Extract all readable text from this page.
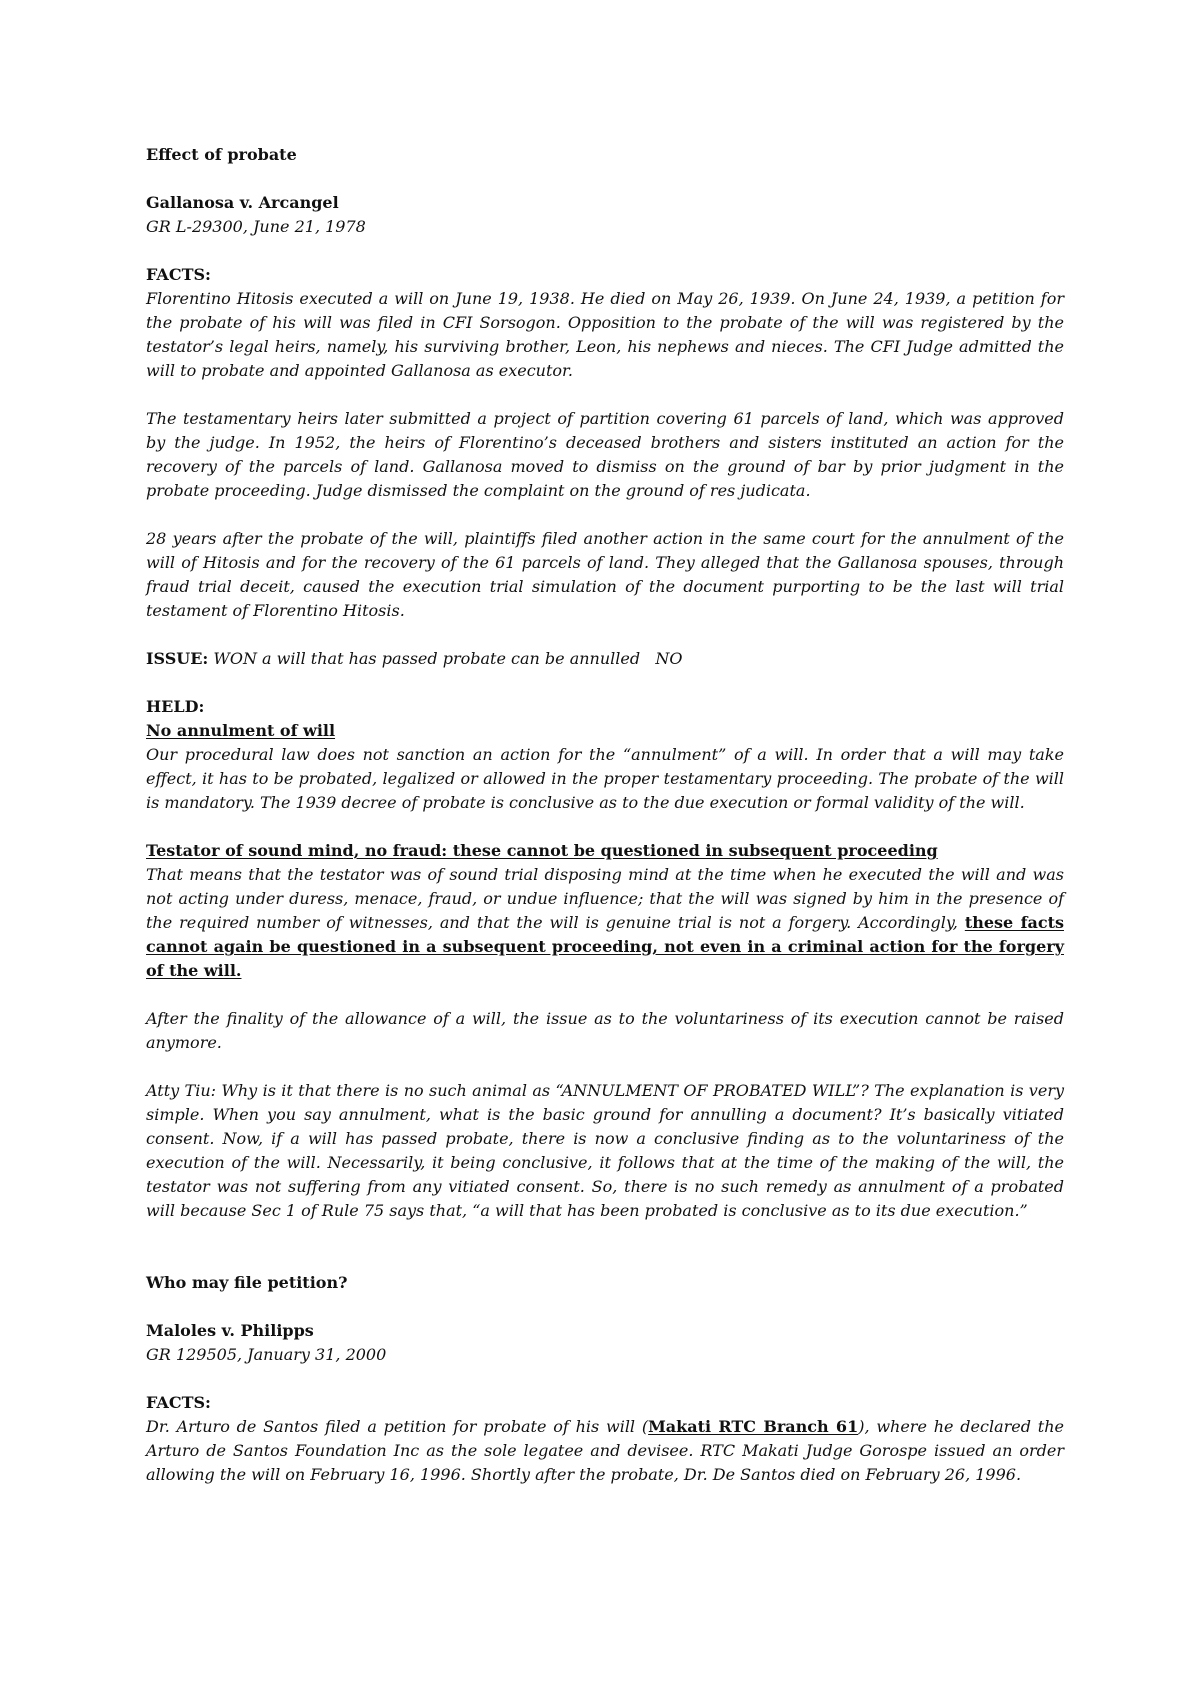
Effect of probate

Gallanosa v. Arcangel

GR L-29300, June 21, 1978

FACTS:

Florentino Hitosis executed a will on June 19, 1938. He died on May 26, 1939. On June 24, 1939, a petition for the probate of his will was filed in CFI Sorsogon. Opposition to the probate of the will was registered by the testator’s legal heirs, namely, his surviving brother, Leon, his nephews and nieces. The CFI Judge admitted the will to probate and appointed Gallanosa as executor.

The testamentary heirs later submitted a project of partition covering 61 parcels of land, which was approved by the judge. In 1952, the heirs of Florentino’s deceased brothers and sisters instituted an action for the recovery of the parcels of land. Gallanosa moved to dismiss on the ground of bar by prior judgment in the probate proceeding. Judge dismissed the complaint on the ground of res judicata.

28 years after the probate of the will, plaintiffs filed another action in the same court for the annulment of the will of Hitosis and for the recovery of the 61 parcels of land. They alleged that the Gallanosa spouses, through fraud trial deceit, caused the execution trial simulation of the document purporting to be the last will trial testament of Florentino Hitosis.

ISSUE: WON a will that has passed probate can be annulled   NO

HELD:

No annulment of will

Our procedural law does not sanction an action for the “annulment” of a will. In order that a will may take effect, it has to be probated, legalized or allowed in the proper testamentary proceeding. The probate of the will is mandatory. The 1939 decree of probate is conclusive as to the due execution or formal validity of the will.

Testator of sound mind, no fraud: these cannot be questioned in subsequent proceeding

That means that the testator was of sound trial disposing mind at the time when he executed the will and was not acting under duress, menace, fraud, or undue influence; that the will was signed by him in the presence of the required number of witnesses, and that the will is genuine trial is not a forgery. Accordingly, these facts cannot again be questioned in a subsequent proceeding, not even in a criminal action for the forgery of the will.

After the finality of the allowance of a will, the issue as to the voluntariness of its execution cannot be raised anymore.

Atty Tiu: Why is it that there is no such animal as “ANNULMENT OF PROBATED WILL”? The explanation is very simple. When you say annulment, what is the basic ground for annulling a document? It’s basically vitiated consent. Now, if a will has passed probate, there is now a conclusive finding as to the voluntariness of the execution of the will. Necessarily, it being conclusive, it follows that at the time of the making of the will, the testator was not suffering from any vitiated consent. So, there is no such remedy as annulment of a probated will because Sec 1 of Rule 75 says that, “a will that has been probated is conclusive as to its due execution.”

Who may file petition?

Maloles v. Philipps

GR 129505, January 31, 2000

FACTS:

Dr. Arturo de Santos filed a petition for probate of his will (Makati RTC Branch 61), where he declared the Arturo de Santos Foundation Inc as the sole legatee and devisee. RTC Makati Judge Gorospe issued an order allowing the will on February 16, 1996. Shortly after the probate, Dr. De Santos died on February 26, 1996.
